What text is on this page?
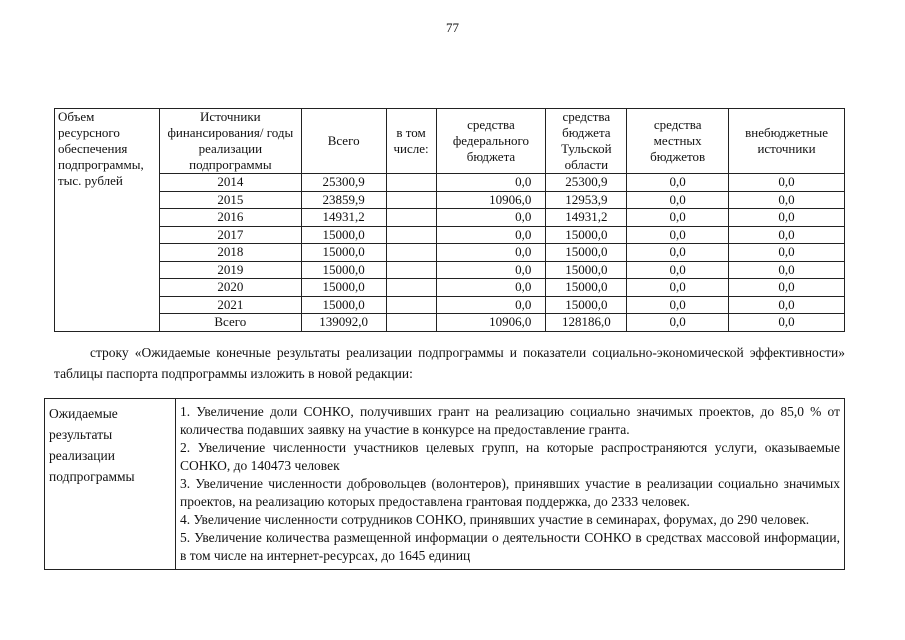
77
Объем ресурсного обеспечения подпрограммы, тыс. рублей	Источники финансирования/ годы реализации подпрограммы	Всего	в том числе:	средства федерального бюджета	средства бюджета Тульской области	средства местных бюджетов	внебюджетные источники
	2014	25300,9		0,0	25300,9	0,0	0,0
	2015	23859,9		10906,0	12953,9	0,0	0,0
	2016	14931,2		0,0	14931,2	0,0	0,0
	2017	15000,0		0,0	15000,0	0,0	0,0
	2018	15000,0		0,0	15000,0	0,0	0,0
	2019	15000,0		0,0	15000,0	0,0	0,0
	2020	15000,0		0,0	15000,0	0,0	0,0
	2021	15000,0		0,0	15000,0	0,0	0,0
	Всего	139092,0		10906,0	128186,0	0,0	0,0
строку «Ожидаемые конечные результаты реализации подпрограммы и показатели социально-экономической эффективности» таблицы паспорта подпрограммы изложить в новой редакции:
Ожидаемые результаты реализации подпрограммы	
1. Увеличение доли СОНКО, получивших грант на реализацию социально значимых проектов, до 85,0 % от количества подавших заявку на участие в конкурсе на предоставление гранта.
2. Увеличение численности участников целевых групп, на которые распространяются услуги, оказываемые СОНКО, до 140473 человек
3. Увеличение численности добровольцев (волонтеров), принявших участие в реализации социально значимых проектов, на реализацию которых предоставлена грантовая поддержка, до 2333 человек.
4. Увеличение численности сотрудников СОНКО, принявших участие в семинарах, форумах, до 290 человек.
5. Увеличение количества размещенной информации о деятельности СОНКО в средствах массовой информации, в том числе на интернет-ресурсах, до 1645 единиц
